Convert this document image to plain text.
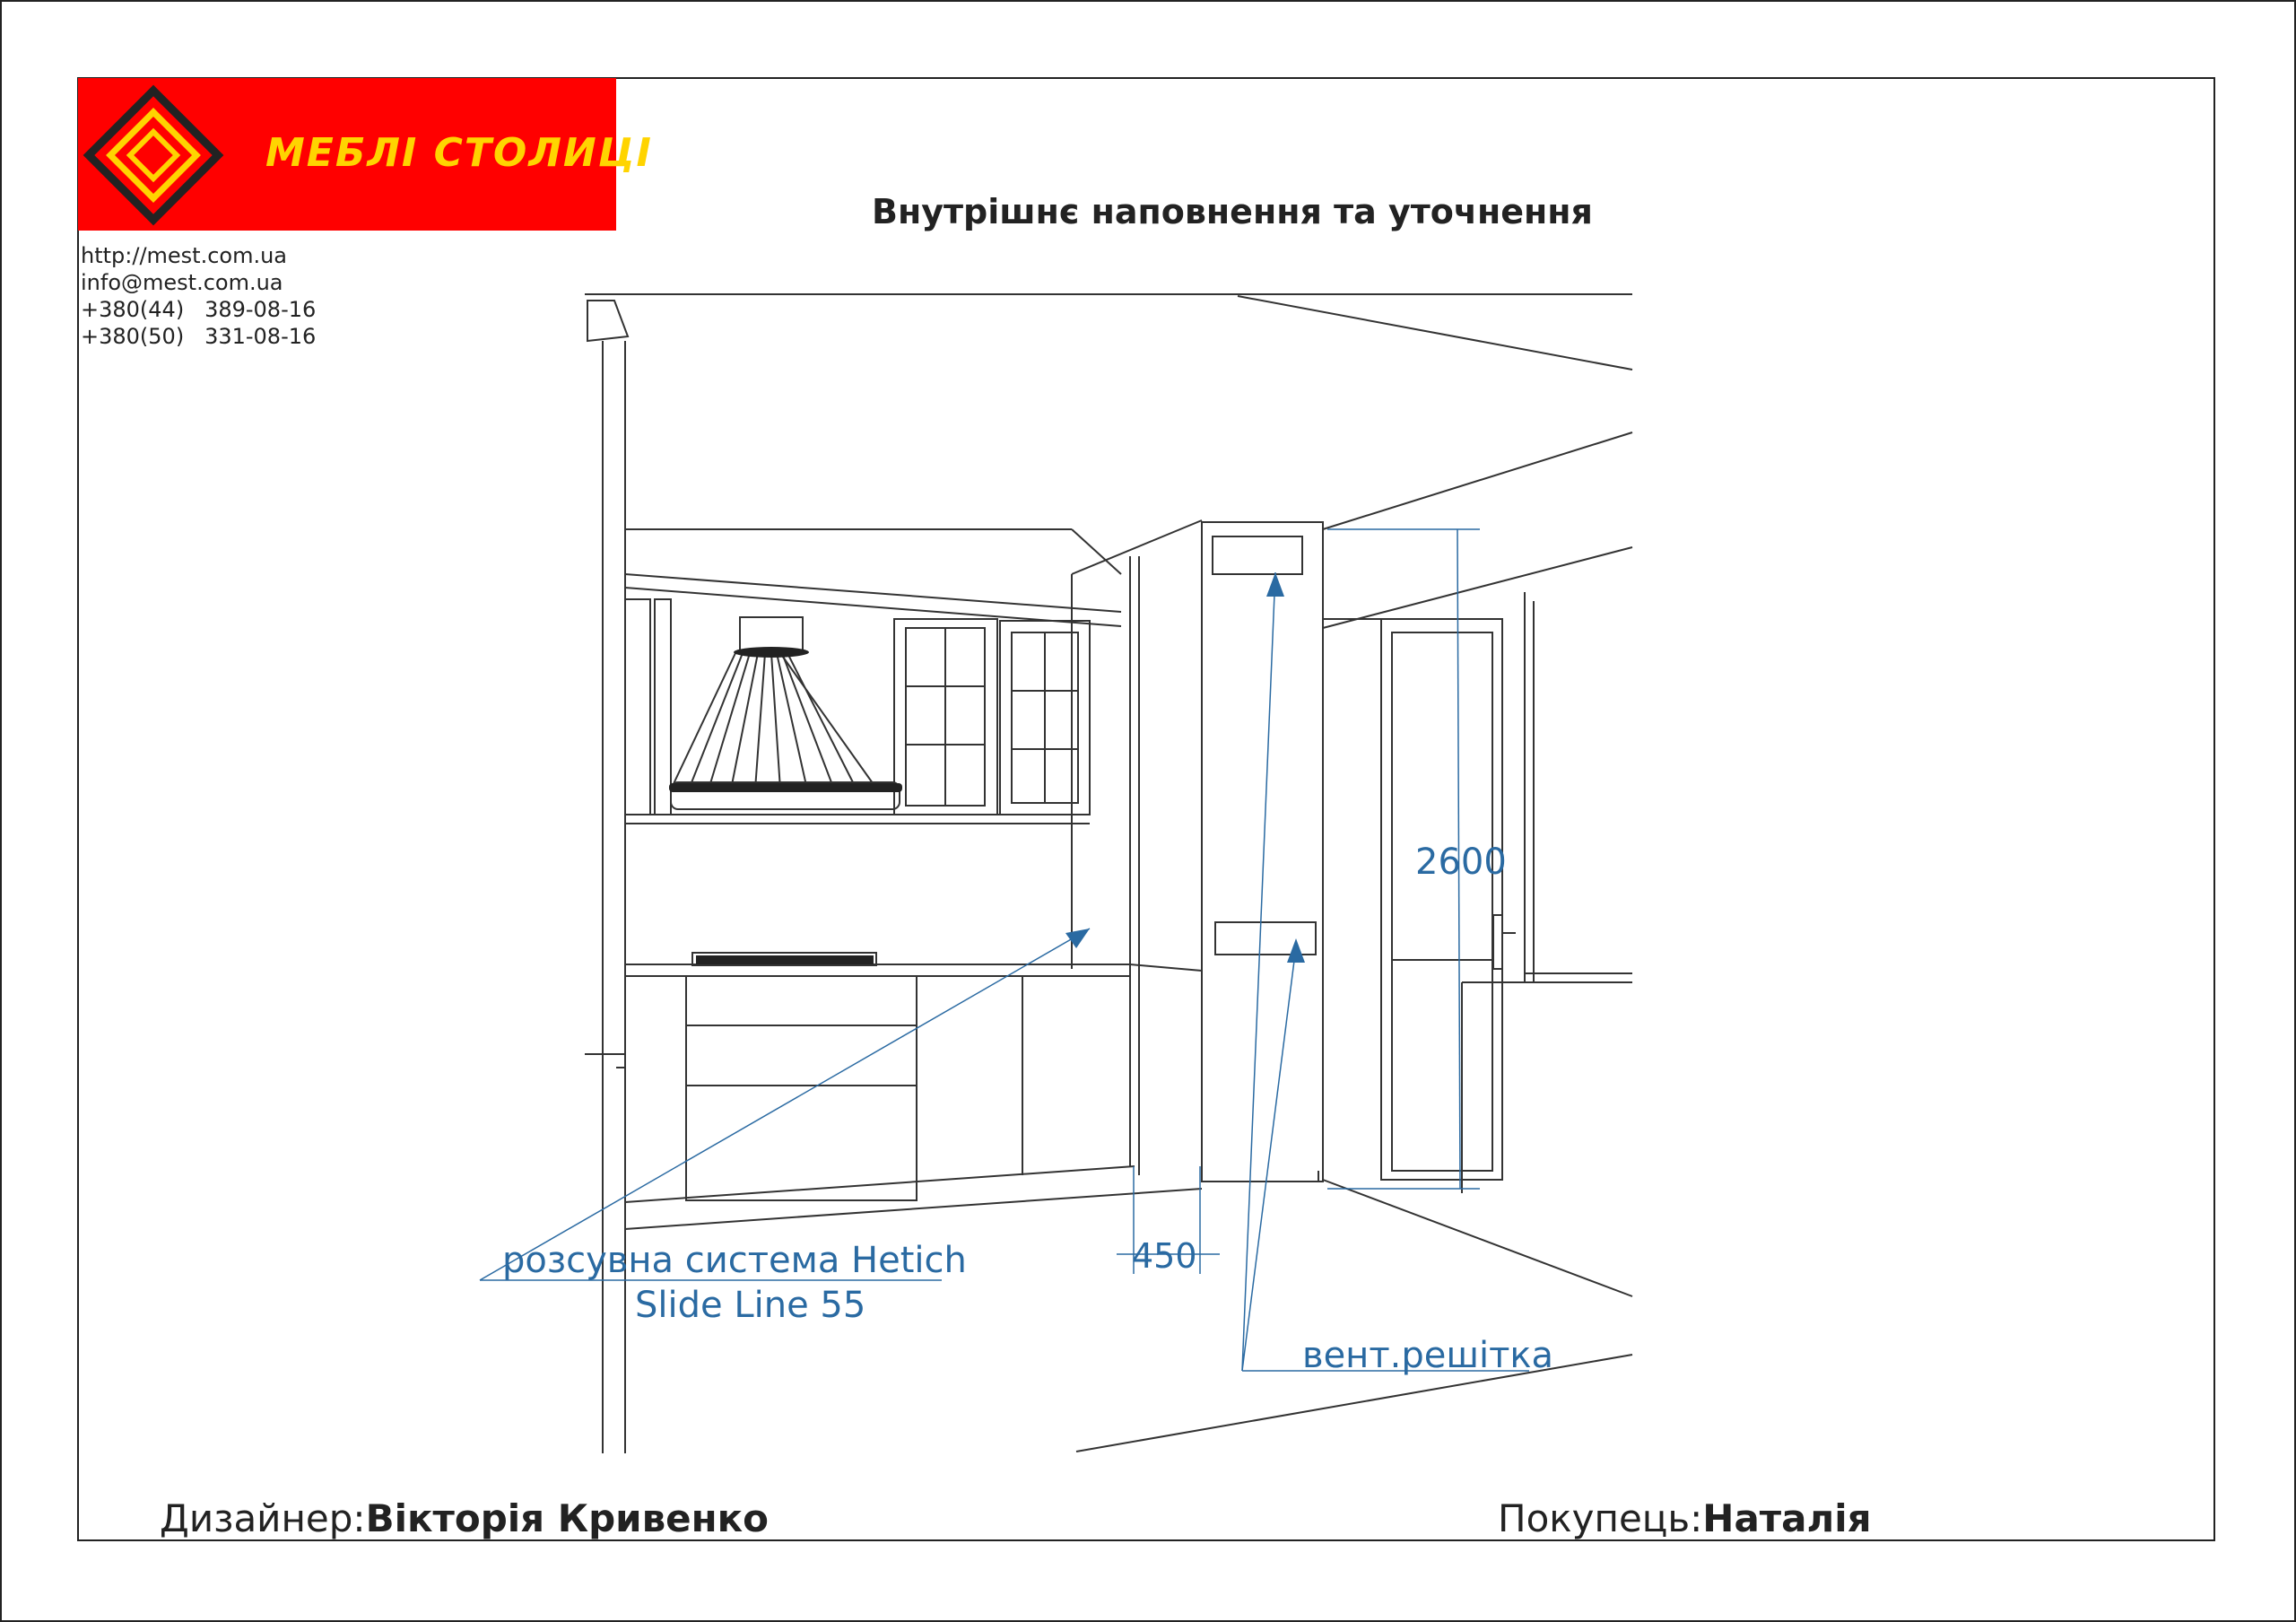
МЕБЛІ СТОЛИЦІ
http://mest.com.ua
info@mest.com.ua
+380(44)   389-08-16
+380(50)   331-08-16
Внутрішнє наповнення та уточнення
розсувна система Hetich
Slide Line 55
2600
450
вент.решітка
Дизайнер:Вікторія Кривенко	Покупець:Наталія
